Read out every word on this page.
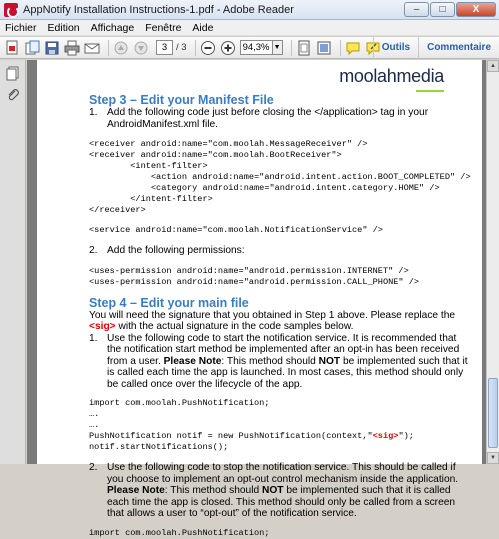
AppNotify Installation Instructions-1.pdf - Adobe Reader	–	□	X
Fichier Edition Affichage Fenêtre Aide
3 / 3	94,3% ▼	Outils	Commentaire
moolahmedia
Step 3 – Edit your Manifest File
1. Add the following code just before closing the </application> tag in your AndroidManifest.xml file.
<receiver android:name="com.moolah.MessageReceiver" />
<receiver android:name="com.moolah.BootReceiver">
<intent-filter>
<action android:name="android.intent.action.BOOT_COMPLETED" />
<category android:name="android.intent.category.HOME" />
</intent-filter>
</receiver>
<service android:name="com.moolah.NotificationService" />
2. Add the following permissions:
<uses-permission android:name="android.permission.INTERNET" />
<uses-permission android:name="android.permission.CALL_PHONE" />
Step 4 – Edit your main file
You will need the signature that you obtained in Step 1 above. Please replace the <sig> with the actual signature in the code samples below.
1. Use the following code to start the notification service. It is recommended that the notification start method be implemented after an opt-in has been received from a user. Please Note: This method should NOT be implemented such that it is called each time the app is launched. In most cases, this method should only be called once over the lifecycle of the app.
import com.moolah.PushNotification;
….
….
PushNotification notif = new PushNotification(context,"<sig>");
notif.startNotifications();
2. Use the following code to stop the notification service. This should be called if you choose to implement an opt-out control mechanism inside the application. Please Note: This method should NOT be implemented such that it is called each time the app is closed. This method should only be called from a screen that allows a user to “opt-out” of the notification service.
import com.moolah.PushNotification;
▲
▼
